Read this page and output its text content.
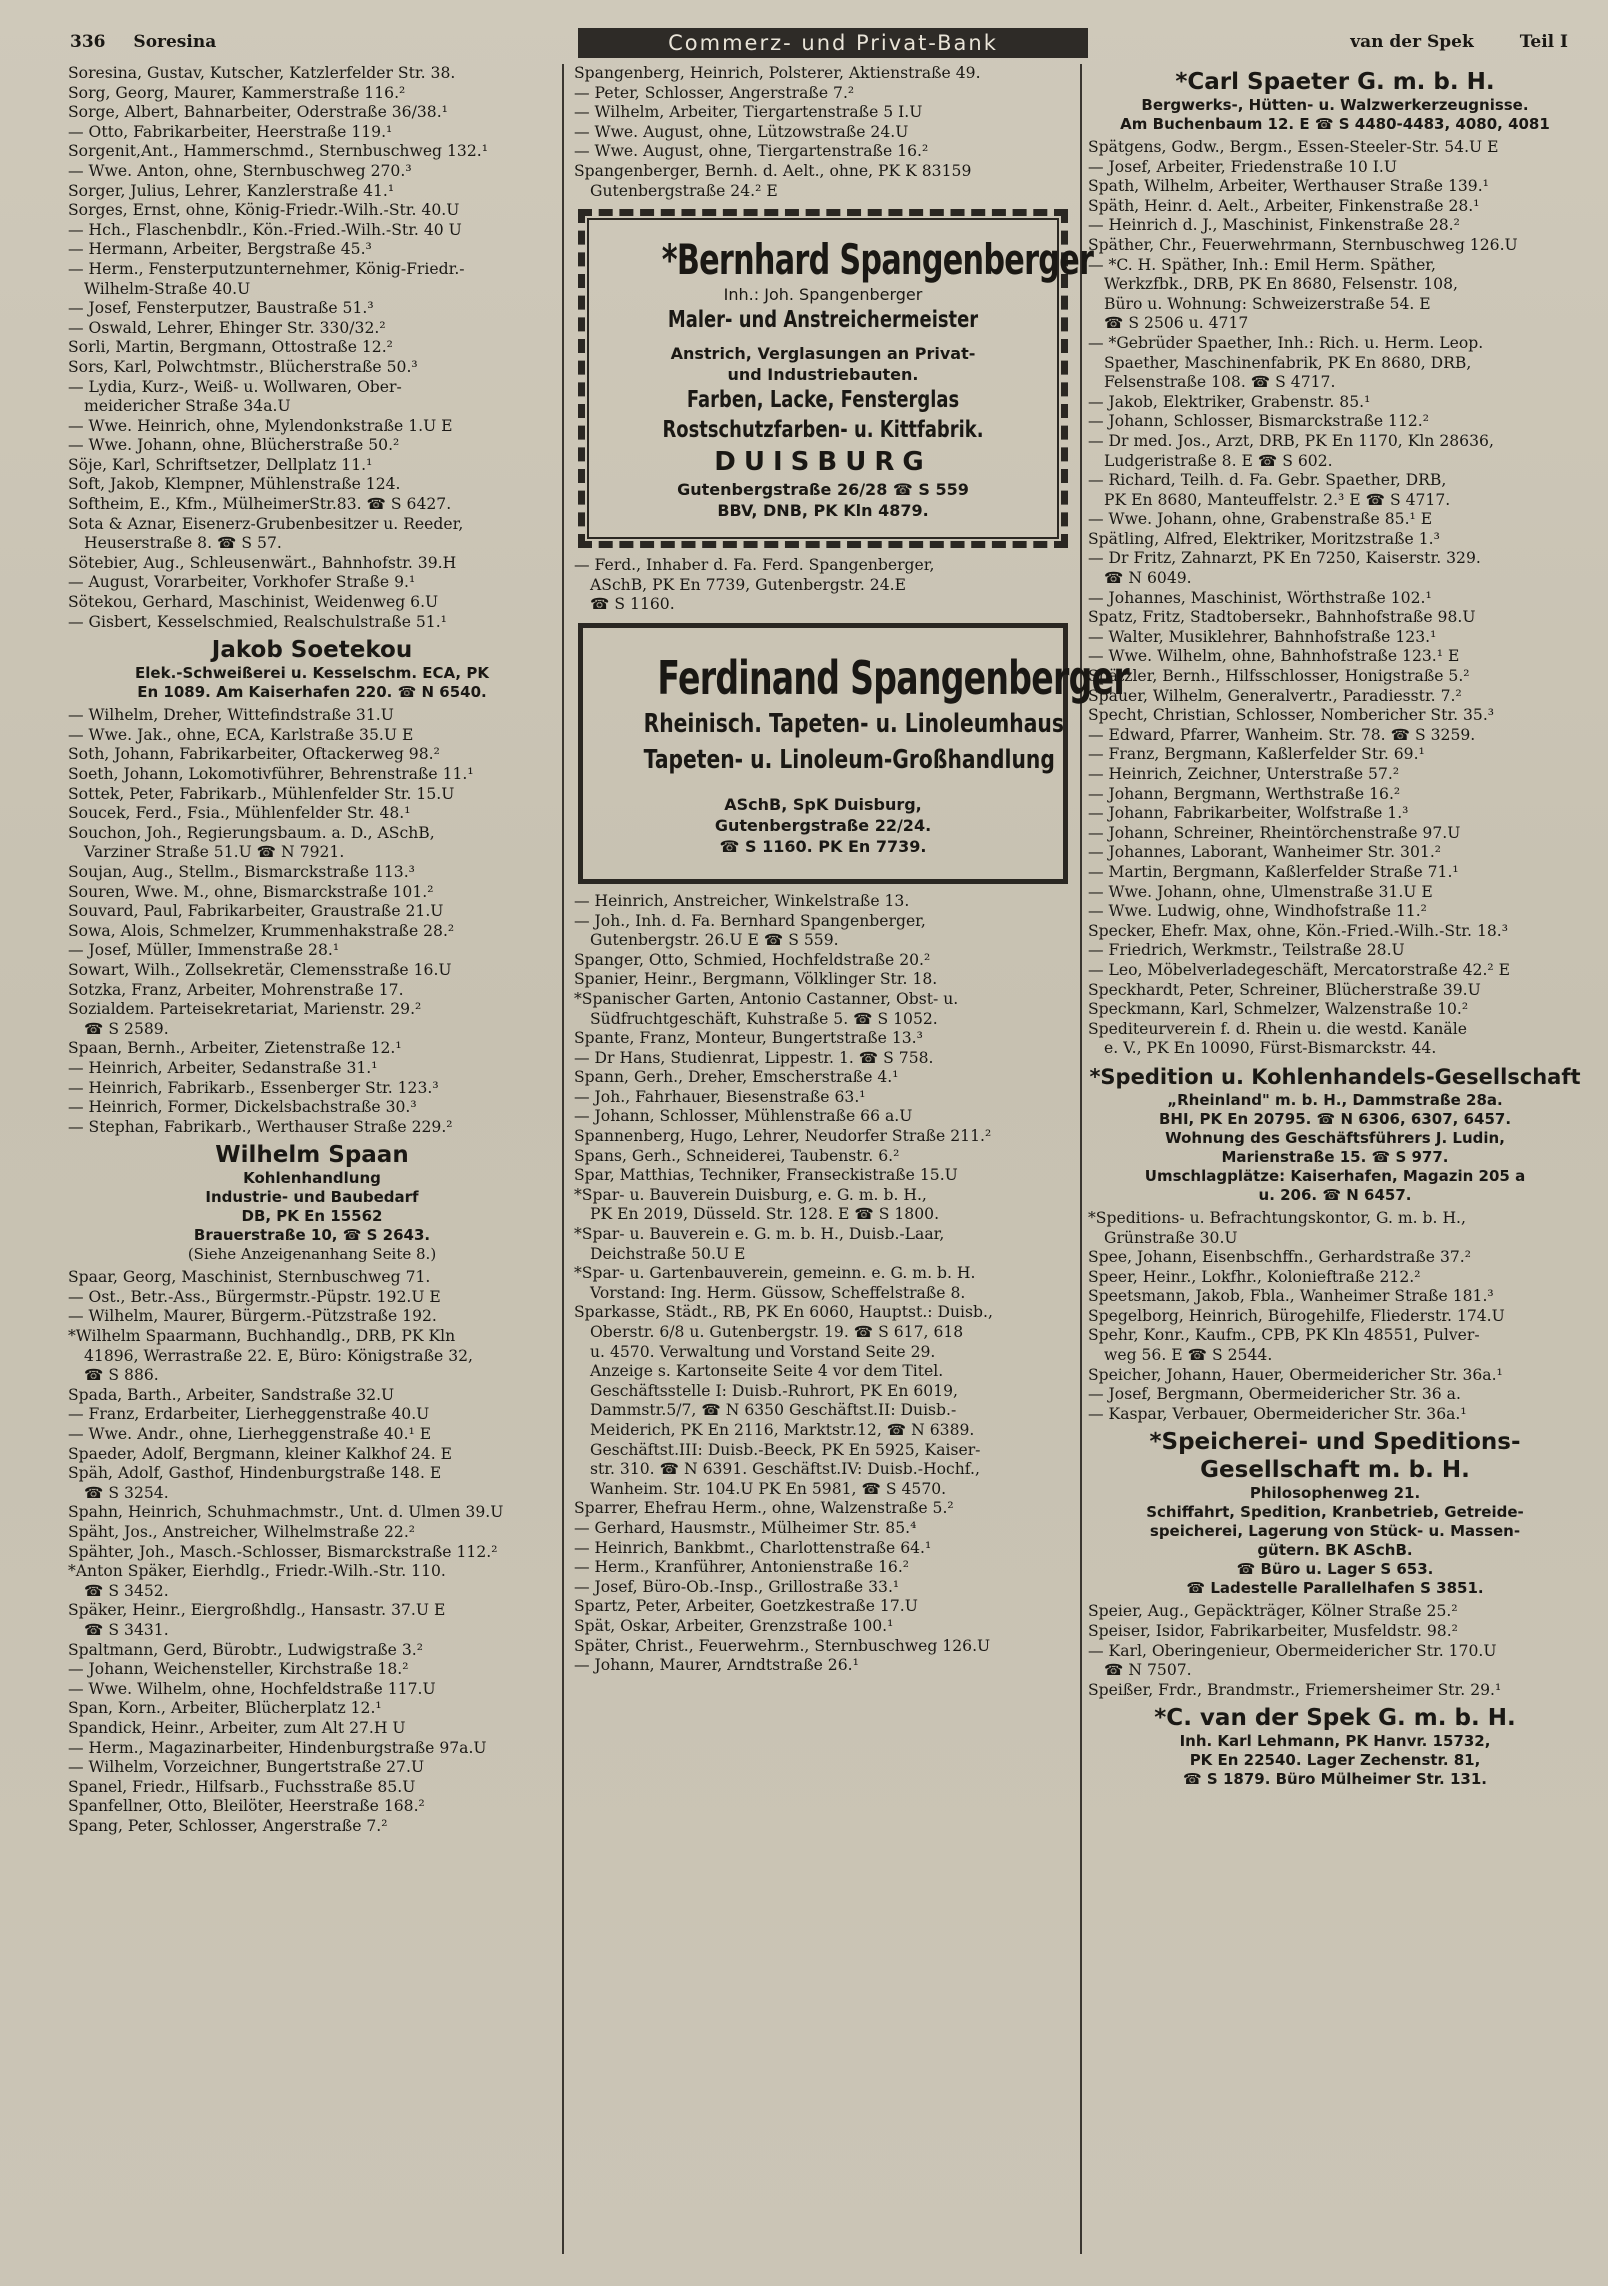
336 Soresina	Commerz- und Privat-Bank	van der Spek	Teil I
Soresina, Gustav, Kutscher, Katzlerfelder Str. 38.
Sorg, Georg, Maurer, Kammerstraße 116.²
Sorge, Albert, Bahnarbeiter, Oderstraße 36/38.¹
— Otto, Fabrikarbeiter, Heerstraße 119.¹
Sorgenit,Ant., Hammerschmd., Sternbuschweg 132.¹
— Wwe. Anton, ohne, Sternbuschweg 270.³
Sorger, Julius, Lehrer, Kanzlerstraße 41.¹
Sorges, Ernst, ohne, König-Friedr.-Wilh.-Str. 40.U
— Hch., Flaschenbdlr., Kön.-Fried.-Wilh.-Str. 40 U
— Hermann, Arbeiter, Bergstraße 45.³
— Herm., Fensterputzunternehmer, König-Friedr.-
Wilhelm-Straße 40.U
— Josef, Fensterputzer, Baustraße 51.³
— Oswald, Lehrer, Ehinger Str. 330/32.²
Sorli, Martin, Bergmann, Ottostraße 12.²
Sors, Karl, Polwchtmstr., Blücherstraße 50.³
— Lydia, Kurz-, Weiß- u. Wollwaren, Ober-
meidericher Straße 34a.U
— Wwe. Heinrich, ohne, Mylendonkstraße 1.U E
— Wwe. Johann, ohne, Blücherstraße 50.²
Söje, Karl, Schriftsetzer, Dellplatz 11.¹
Soft, Jakob, Klempner, Mühlenstraße 124.
Softheim, E., Kfm., MülheimerStr.83. ☎ S 6427.
Sota & Aznar, Eisenerz-Grubenbesitzer u. Reeder,
Heuserstraße 8. ☎ S 57.
Sötebier, Aug., Schleusenwärt., Bahnhofstr. 39.H
— August, Vorarbeiter, Vorkhofer Straße 9.¹
Sötekou, Gerhard, Maschinist, Weidenweg 6.U
— Gisbert, Kesselschmied, Realschulstraße 51.¹
Jakob Soetekou
Elek.-Schweißerei u. Kesselschm. ECA, PK
En 1089. Am Kaiserhafen 220. ☎ N 6540.
— Wilhelm, Dreher, Wittefindstraße 31.U
— Wwe. Jak., ohne, ECA, Karlstraße 35.U E
Soth, Johann, Fabrikarbeiter, Oftackerweg 98.²
Soeth, Johann, Lokomotivführer, Behrenstraße 11.¹
Sottek, Peter, Fabrikarb., Mühlenfelder Str. 15.U
Soucek, Ferd., Fsia., Mühlenfelder Str. 48.¹
Souchon, Joh., Regierungsbaum. a. D., ASchB,
Varziner Straße 51.U ☎ N 7921.
Soujan, Aug., Stellm., Bismarckstraße 113.³
Souren, Wwe. M., ohne, Bismarckstraße 101.²
Souvard, Paul, Fabrikarbeiter, Graustraße 21.U
Sowa, Alois, Schmelzer, Krummenhakstraße 28.²
— Josef, Müller, Immenstraße 28.¹
Sowart, Wilh., Zollsekretär, Clemensstraße 16.U
Sotzka, Franz, Arbeiter, Mohrenstraße 17.
Sozialdem. Parteisekretariat, Marienstr. 29.²
☎ S 2589.
Spaan, Bernh., Arbeiter, Zietenstraße 12.¹
— Heinrich, Arbeiter, Sedanstraße 31.¹
— Heinrich, Fabrikarb., Essenberger Str. 123.³
— Heinrich, Former, Dickelsbachstraße 30.³
— Stephan, Fabrikarb., Werthauser Straße 229.²
Wilhelm Spaan
Kohlenhandlung
Industrie- und Baubedarf
DB, PK En 15562
Brauerstraße 10, ☎ S 2643.
(Siehe Anzeigenanhang Seite 8.)
Spaar, Georg, Maschinist, Sternbuschweg 71.
— Ost., Betr.-Ass., Bürgermstr.-Püpstr. 192.U E
— Wilhelm, Maurer, Bürgerm.-Pützstraße 192.
*Wilhelm Spaarmann, Buchhandlg., DRB, PK Kln
41896, Werrastraße 22. E, Büro: Königstraße 32,
☎ S 886.
Spada, Barth., Arbeiter, Sandstraße 32.U
— Franz, Erdarbeiter, Lierheggenstraße 40.U
— Wwe. Andr., ohne, Lierheggenstraße 40.¹ E
Spaeder, Adolf, Bergmann, kleiner Kalkhof 24. E
Späh, Adolf, Gasthof, Hindenburgstraße 148. E
☎ S 3254.
Spahn, Heinrich, Schuhmachmstr., Unt. d. Ulmen 39.U
Späht, Jos., Anstreicher, Wilhelmstraße 22.²
Spähter, Joh., Masch.-Schlosser, Bismarckstraße 112.²
*Anton Späker, Eierhdlg., Friedr.-Wilh.-Str. 110.
☎ S 3452.
Späker, Heinr., Eiergroßhdlg., Hansastr. 37.U E
☎ S 3431.
Spaltmann, Gerd, Bürobtr., Ludwigstraße 3.²
— Johann, Weichensteller, Kirchstraße 18.²
— Wwe. Wilhelm, ohne, Hochfeldstraße 117.U
Span, Korn., Arbeiter, Blücherplatz 12.¹
Spandick, Heinr., Arbeiter, zum Alt 27.H U
— Herm., Magazinarbeiter, Hindenburgstraße 97a.U
— Wilhelm, Vorzeichner, Bungertstraße 27.U
Spanel, Friedr., Hilfsarb., Fuchsstraße 85.U
Spanfellner, Otto, Bleilöter, Heerstraße 168.²
Spang, Peter, Schlosser, Angerstraße 7.²
Spangenberg, Heinrich, Polsterer, Aktienstraße 49.
— Peter, Schlosser, Angerstraße 7.²
— Wilhelm, Arbeiter, Tiergartenstraße 5 I.U
— Wwe. August, ohne, Lützowstraße 24.U
— Wwe. August, ohne, Tiergartenstraße 16.²
Spangenberger, Bernh. d. Aelt., ohne, PK K 83159
Gutenbergstraße 24.² E
*Bernhard Spangenberger
Inh.: Joh. Spangenberger
Maler- und Anstreichermeister
Anstrich, Verglasungen an Privat-
und Industriebauten.
Farben, Lacke, Fensterglas
Rostschutzfarben- u. Kittfabrik.
DUISBURG
Gutenbergstraße 26/28 ☎ S 559
BBV, DNB, PK Kln 4879.
— Ferd., Inhaber d. Fa. Ferd. Spangenberger,
ASchB, PK En 7739, Gutenbergstr. 24.E
☎ S 1160.
Ferdinand Spangenberger
Rheinisch. Tapeten- u. Linoleumhaus
Tapeten- u. Linoleum-Großhandlung
ASchB, SpK Duisburg,
Gutenbergstraße 22/24.
☎ S 1160. PK En 7739.
— Heinrich, Anstreicher, Winkelstraße 13.
— Joh., Inh. d. Fa. Bernhard Spangenberger,
Gutenbergstr. 26.U E ☎ S 559.
Spanger, Otto, Schmied, Hochfeldstraße 20.²
Spanier, Heinr., Bergmann, Völklinger Str. 18.
*Spanischer Garten, Antonio Castanner, Obst- u.
Südfruchtgeschäft, Kuhstraße 5. ☎ S 1052.
Spante, Franz, Monteur, Bungertstraße 13.³
— Dr Hans, Studienrat, Lippestr. 1. ☎ S 758.
Spann, Gerh., Dreher, Emscherstraße 4.¹
— Joh., Fahrhauer, Biesenstraße 63.¹
— Johann, Schlosser, Mühlenstraße 66 a.U
Spannenberg, Hugo, Lehrer, Neudorfer Straße 211.²
Spans, Gerh., Schneiderei, Taubenstr. 6.²
Spar, Matthias, Techniker, Franseckistraße 15.U
*Spar- u. Bauverein Duisburg, e. G. m. b. H.,
PK En 2019, Düsseld. Str. 128. E ☎ S 1800.
*Spar- u. Bauverein e. G. m. b. H., Duisb.-Laar,
Deichstraße 50.U E
*Spar- u. Gartenbauverein, gemeinn. e. G. m. b. H.
Vorstand: Ing. Herm. Güssow, Scheffelstraße 8.
Sparkasse, Städt., RB, PK En 6060, Hauptst.: Duisb.,
Oberstr. 6/8 u. Gutenbergstr. 19. ☎ S 617, 618
u. 4570. Verwaltung und Vorstand Seite 29.
Anzeige s. Kartonseite Seite 4 vor dem Titel.
Geschäftsstelle I: Duisb.-Ruhrort, PK En 6019,
Dammstr.5/7, ☎ N 6350 Geschäftst.II: Duisb.-
Meiderich, PK En 2116, Marktstr.12, ☎ N 6389.
Geschäftst.III: Duisb.-Beeck, PK En 5925, Kaiser-
str. 310. ☎ N 6391. Geschäftst.IV: Duisb.-Hochf.,
Wanheim. Str. 104.U PK En 5981, ☎ S 4570.
Sparrer, Ehefrau Herm., ohne, Walzenstraße 5.²
— Gerhard, Hausmstr., Mülheimer Str. 85.⁴
— Heinrich, Bankbmt., Charlottenstraße 64.¹
— Herm., Kranführer, Antonienstraße 16.²
— Josef, Büro-Ob.-Insp., Grillostraße 33.¹
Spartz, Peter, Arbeiter, Goetzkestraße 17.U
Spät, Oskar, Arbeiter, Grenzstraße 100.¹
Später, Christ., Feuerwehrm., Sternbuschweg 126.U
— Johann, Maurer, Arndtstraße 26.¹
*Carl Spaeter G. m. b. H.
Bergwerks-, Hütten- u. Walzwerkerzeugnisse.
Am Buchenbaum 12. E ☎ S 4480-4483, 4080, 4081
Spätgens, Godw., Bergm., Essen-Steeler-Str. 54.U E
— Josef, Arbeiter, Friedenstraße 10 I.U
Spath, Wilhelm, Arbeiter, Werthauser Straße 139.¹
Späth, Heinr. d. Aelt., Arbeiter, Finkenstraße 28.¹
— Heinrich d. J., Maschinist, Finkenstraße 28.²
Späther, Chr., Feuerwehrmann, Sternbuschweg 126.U
— *C. H. Späther, Inh.: Emil Herm. Späther,
Werkzfbk., DRB, PK En 8680, Felsenstr. 108,
Büro u. Wohnung: Schweizerstraße 54. E
☎ S 2506 u. 4717
— *Gebrüder Spaether, Inh.: Rich. u. Herm. Leop.
Spaether, Maschinenfabrik, PK En 8680, DRB,
Felsenstraße 108. ☎ S 4717.
— Jakob, Elektriker, Grabenstr. 85.¹
— Johann, Schlosser, Bismarckstraße 112.²
— Dr med. Jos., Arzt, DRB, PK En 1170, Kln 28636,
Ludgeristraße 8. E ☎ S 602.
— Richard, Teilh. d. Fa. Gebr. Spaether, DRB,
PK En 8680, Manteuffelstr. 2.³ E ☎ S 4717.
— Wwe. Johann, ohne, Grabenstraße 85.¹ E
Spätling, Alfred, Elektriker, Moritzstraße 1.³
— Dr Fritz, Zahnarzt, PK En 7250, Kaiserstr. 329.
☎ N 6049.
— Johannes, Maschinist, Wörthstraße 102.¹
Spatz, Fritz, Stadtobersekr., Bahnhofstraße 98.U
— Walter, Musiklehrer, Bahnhofstraße 123.¹
— Wwe. Wilhelm, ohne, Bahnhofstraße 123.¹ E
Spätzler, Bernh., Hilfsschlosser, Honigstraße 5.²
Spauer, Wilhelm, Generalvertr., Paradiesstr. 7.²
Specht, Christian, Schlosser, Nombericher Str. 35.³
— Edward, Pfarrer, Wanheim. Str. 78. ☎ S 3259.
— Franz, Bergmann, Kaßlerfelder Str. 69.¹
— Heinrich, Zeichner, Unterstraße 57.²
— Johann, Bergmann, Werthstraße 16.²
— Johann, Fabrikarbeiter, Wolfstraße 1.³
— Johann, Schreiner, Rheintörchenstraße 97.U
— Johannes, Laborant, Wanheimer Str. 301.²
— Martin, Bergmann, Kaßlerfelder Straße 71.¹
— Wwe. Johann, ohne, Ulmenstraße 31.U E
— Wwe. Ludwig, ohne, Windhofstraße 11.²
Specker, Ehefr. Max, ohne, Kön.-Fried.-Wilh.-Str. 18.³
— Friedrich, Werkmstr., Teilstraße 28.U
— Leo, Möbelverladegeschäft, Mercatorstraße 42.² E
Speckhardt, Peter, Schreiner, Blücherstraße 39.U
Speckmann, Karl, Schmelzer, Walzenstraße 10.²
Spediteurverein f. d. Rhein u. die westd. Kanäle
e. V., PK En 10090, Fürst-Bismarckstr. 44.
*Spedition u. Kohlenhandels-Gesellschaft
„Rheinland" m. b. H., Dammstraße 28a.
BHI, PK En 20795. ☎ N 6306, 6307, 6457.
Wohnung des Geschäftsführers J. Ludin,
Marienstraße 15. ☎ S 977.
Umschlagplätze: Kaiserhafen, Magazin 205 a
u. 206. ☎ N 6457.
*Speditions- u. Befrachtungskontor, G. m. b. H.,
Grünstraße 30.U
Spee, Johann, Eisenbschffn., Gerhardstraße 37.²
Speer, Heinr., Lokfhr., Kolonieftraße 212.²
Speetsmann, Jakob, Fbla., Wanheimer Straße 181.³
Spegelborg, Heinrich, Bürogehilfe, Fliederstr. 174.U
Spehr, Konr., Kaufm., CPB, PK Kln 48551, Pulver-
weg 56. E ☎ S 2544.
Speicher, Johann, Hauer, Obermeidericher Str. 36a.¹
— Josef, Bergmann, Obermeidericher Str. 36 a.
— Kaspar, Verbauer, Obermeidericher Str. 36a.¹
*Speicherei- und Speditions-
Gesellschaft m. b. H.
Philosophenweg 21.
Schiffahrt, Spedition, Kranbetrieb, Getreide-
speicherei, Lagerung von Stück- u. Massen-
gütern. BK ASchB.
☎ Büro u. Lager S 653.
☎ Ladestelle Parallelhafen S 3851.
Speier, Aug., Gepäckträger, Kölner Straße 25.²
Speiser, Isidor, Fabrikarbeiter, Musfeldstr. 98.²
— Karl, Oberingenieur, Obermeidericher Str. 170.U
☎ N 7507.
Speißer, Frdr., Brandmstr., Friemersheimer Str. 29.¹
*C. van der Spek G. m. b. H.
Inh. Karl Lehmann, PK Hanvr. 15732,
PK En 22540. Lager Zechenstr. 81,
☎ S 1879. Büro Mülheimer Str. 131.
